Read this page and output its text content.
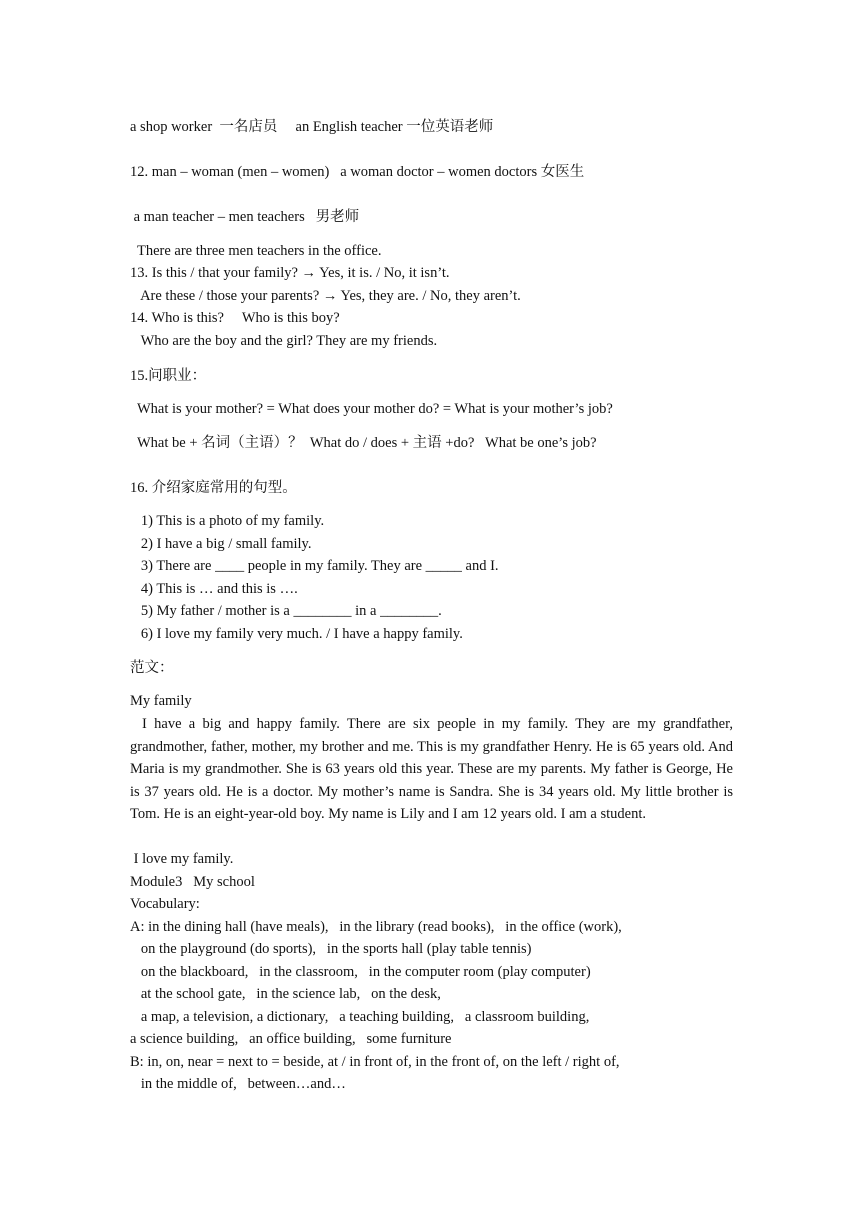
a shop worker  一名店员     an English teacher 一位英语老师
12. man – woman (men – women)   a woman doctor – women doctors 女医生
a man teacher – men teachers   男老师
There are three men teachers in the office.
13. Is this / that your family? → Yes, it is. / No, it isn’t.
Are these / those your parents? → Yes, they are. / No, they aren’t.
14. Who is this?     Who is this boy?
Who are the boy and the girl? They are my friends.
15.问职业：
What is your mother? = What does your mother do? = What is your mother’s job?
What be + 名词（主语）？  What do / does + 主语 +do?   What be one’s job?
16. 介绍家庭常用的句型。
1) This is a photo of my family.
2) I have a big / small family.
3) There are ____ people in my family. They are _____ and I.
4) This is … and this is ….
5) My father / mother is a ________ in a ________.
6) I love my family very much. / I have a happy family.
范文：
My family
I have a big and happy family. There are six people in my family. They are my grandfather, grandmother, father, mother, my brother and me. This is my grandfather Henry. He is 65 years old. And Maria is my grandmother. She is 63 years old this year. These are my parents. My father is George, He is 37 years old. He is a doctor. My mother’s name is Sandra. She is 34 years old. My little brother is Tom. He is an eight-year-old boy. My name is Lily and I am 12 years old. I am a student.
I love my family.
Module3   My school
Vocabulary:
A: in the dining hall (have meals),   in the library (read books),   in the office (work),
on the playground (do sports),   in the sports hall (play table tennis)
on the blackboard,   in the classroom,   in the computer room (play computer)
at the school gate,   in the science lab,   on the desk,
a map, a television, a dictionary,   a teaching building,   a classroom building,
a science building,   an office building,   some furniture
B: in, on, near = next to = beside, at / in front of, in the front of, on the left / right of,
in the middle of,   between…and…
